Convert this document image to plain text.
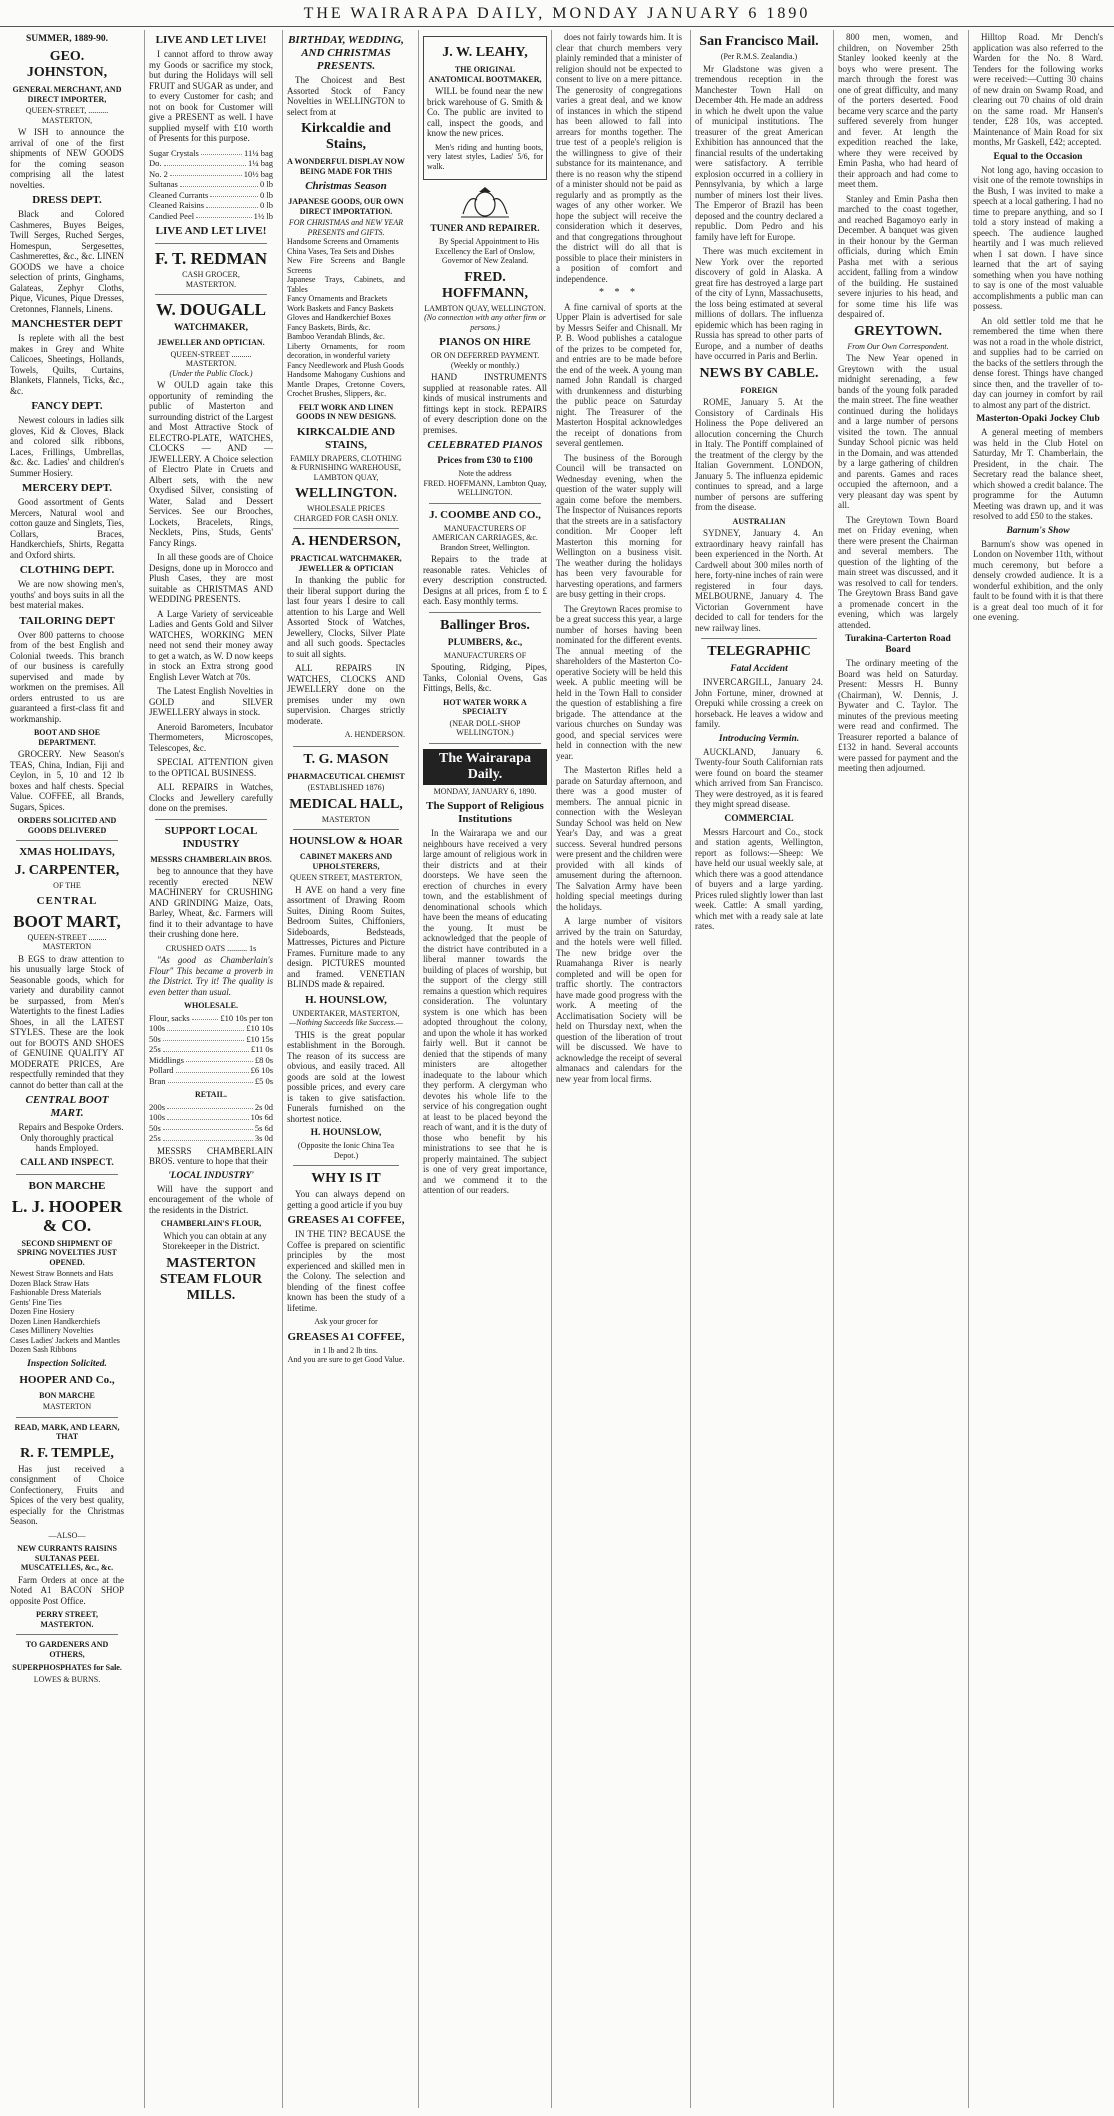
THE WAIRARAPA DAILY, MONDAY JANUARY 6 1890
SUMMER, 1889-90.
GEO. JOHNSTON,
GENERAL MERCHANT, AND DIRECT IMPORTER,
QUEEN-STREET, .......... MASTERTON,
W ISH to announce the arrival of one of the first shipments of NEW GOODS for the coming season comprising all the latest novelties.
DRESS DEPT.
Black and Colored Cashmeres, Buyes Beiges, Twill Serges, Ruched Serges, Homespun, Sergesettes, Cashmerettes, &c., &c. LINEN GOODS we have a choice selection of prints, Ginghams, Galateas, Zephyr Cloths, Pique, Vicunes, Pique Dresses, Cretonnes, Flannels, Linens.
MANCHESTER DEPT
Is replete with all the best makes in Grey and White Calicoes, Sheetings, Hollands, Towels, Quilts, Curtains, Blankets, Flannels, Ticks, &c., &c.
FANCY DEPT.
Newest colours in ladies silk gloves, Kid & Cloves, Black and colored silk ribbons, Laces, Frillings, Umbrellas, &c. &c. Ladies' and children's Summer Hosiery.
MERCERY DEPT.
Good assortment of Gents Mercers, Natural wool and cotton gauze and Singlets, Ties, Collars, Braces, Handkerchiefs, Shirts, Regatta and Oxford shirts.
CLOTHING DEPT.
We are now showing men's, youths' and boys suits in all the best material makes.
TAILORING DEPT
Over 800 patterns to choose from of the best English and Colonial tweeds. This branch of our business is carefully supervised and made by workmen on the premises. All orders entrusted to us are guaranteed a first-class fit and workmanship.
BOOT AND SHOE DEPARTMENT.
GROCERY. New Season's TEAS, China, Indian, Fiji and Ceylon, in 5, 10 and 12 lb boxes and half chests. Special Value. COFFEE, all Brands, Sugars, Spices.
ORDERS SOLICITED AND GOODS DELIVERED
XMAS HOLIDAYS,
J. CARPENTER,
OF THE
CENTRAL
BOOT MART,
QUEEN-STREET ......... MASTERTON
B EGS to draw attention to his unusually large Stock of Seasonable goods, which for variety and durability cannot be surpassed, from Men's Watertights to the finest Ladies Shoes, in all the LATEST STYLES. These are the look out for BOOTS AND SHOES of GENUINE QUALITY AT MODERATE PRICES, Are respectfully reminded that they cannot do better than call at the
CENTRAL BOOT MART.
Repairs and Bespoke Orders. Only thoroughly practical hands Employed.
CALL AND INSPECT.
BON MARCHE
L. J. HOOPER & CO.
SECOND SHIPMENT OF SPRING NOVELTIES JUST OPENED.
Newest Straw Bonnets and Hats
Dozen Black Straw Hats
Fashionable Dress Materials
Gents' Fine Ties
Dozen Fine Hosiery
Dozen Linen Handkerchiefs
Cases Millinery Novelties
Cases Ladies' Jackets and Mantles
Dozen Sash Ribbons
Inspection Solicited.
HOOPER AND Co.,
BON MARCHE
MASTERTON
READ, MARK, AND LEARN, THAT
R. F. TEMPLE,
Has just received a consignment of Choice Confectionery, Fruits and Spices of the very best quality, especially for the Christmas Season.
—ALSO—
NEW CURRANTS RAISINS SULTANAS PEEL MUSCATELLES, &c., &c.
Farm Orders at once at the Noted A1 BACON SHOP opposite Post Office.
PERRY STREET, MASTERTON.
TO GARDENERS AND OTHERS,
SUPERPHOSPHATES for Sale.
LOWES & BURNS.
LIVE AND LET LIVE!
I cannot afford to throw away my Goods or sacrifice my stock, but during the Holidays will sell FRUIT and SUGAR as under, and to every Customer for cash; and not on book for Customer will give a PRESENT as well. I have supplied myself with £10 worth of Presents for this purpose.
Sugar Crystals	11¼ bag
Do.	1¼ bag
No. 2	10½ bag
Sultanas	0 lb
Cleaned Currants	0 lb
Cleaned Raisins	0 lb
Candied Peel	1½ lb
LIVE AND LET LIVE!
F. T. REDMAN
CASH GROCER,
MASTERTON.
W. DOUGALL
WATCHMAKER,
JEWELLER AND OPTICIAN.
QUEEN-STREET .......... MASTERTON.
(Under the Public Clock.)
W OULD again take this opportunity of reminding the public of Masterton and surrounding district of the Largest and Most Attractive Stock of ELECTRO-PLATE, WATCHES, CLOCKS — AND — JEWELLERY. A Choice selection of Electro Plate in Cruets and Albert sets, with the new Oxydised Silver, consisting of Water, Salad and Dessert Services. See our Brooches, Lockets, Bracelets, Rings, Necklets, Pins, Studs, Gents' Fancy Rings.
In all these goods are of Choice Designs, done up in Morocco and Plush Cases, they are most suitable as CHRISTMAS AND WEDDING PRESENTS.
A Large Variety of serviceable Ladies and Gents Gold and Silver WATCHES, WORKING MEN need not send their money away to get a watch, as W. D now keeps in stock an Extra strong good English Lever Watch at 70s.
The Latest English Novelties in GOLD and SILVER JEWELLERY always in stock.
Aneroid Barometers, Incubator Thermometers, Microscopes, Telescopes, &c.
SPECIAL ATTENTION given to the OPTICAL BUSINESS.
ALL REPAIRS in Watches, Clocks and Jewellery carefully done on the premises.
SUPPORT LOCAL INDUSTRY
MESSRS CHAMBERLAIN BROS.
beg to announce that they have recently erected NEW MACHINERY for CRUSHING AND GRINDING Maize, Oats, Barley, Wheat, &c. Farmers will find it to their advantage to have their crushing done here.
CRUSHED OATS .......... 1s
"As good as Chamberlain's Flour" This became a proverb in the District. Try it! The quality is even better than usual.
WHOLESALE.
Flour, sacks	£10 10s per ton
100s	£10 10s
50s	£10 15s
25s	£11 0s
Middlings	£8 0s
Pollard	£6 10s
Bran	£5 0s
RETAIL.
200s	2s 0d
100s	10s 6d
50s	5s 6d
25s	3s 0d
MESSRS CHAMBERLAIN BROS. venture to hope that their
'LOCAL INDUSTRY'
Will have the support and encouragement of the whole of the residents in the District.
CHAMBERLAIN'S FLOUR,
Which you can obtain at any Storekeeper in the District.
MASTERTON STEAM FLOUR MILLS.
BIRTHDAY, WEDDING, AND CHRISTMAS PRESENTS.
The Choicest and Best Assorted Stock of Fancy Novelties in WELLINGTON to select from at
Kirkcaldie and Stains,
A WONDERFUL DISPLAY NOW BEING MADE FOR THIS
Christmas Season
JAPANESE GOODS, OUR OWN DIRECT IMPORTATION.
FOR CHRISTMAS and NEW YEAR PRESENTS and GIFTS.
Handsome Screens and Ornaments
China Vases, Tea Sets and Dishes
New Fire Screens and Bangle Screens
Japanese Trays, Cabinets, and Tables
Fancy Ornaments and Brackets
Work Baskets and Fancy Baskets
Gloves and Handkerchief Boxes
Fancy Baskets, Birds, &c.
Bamboo Verandah Blinds, &c.
Liberty Ornaments, for room decoration, in wonderful variety
Fancy Needlework and Plush Goods
Handsome Mahogany Cushions and Mantle Drapes, Cretonne Covers, Crochet Brushes, Slippers, &c.
FELT WORK AND LINEN GOODS IN NEW DESIGNS.
KIRKCALDIE AND STAINS,
FAMILY DRAPERS, CLOTHING & FURNISHING WAREHOUSE,
LAMBTON QUAY,
WELLINGTON.
WHOLESALE PRICES CHARGED FOR CASH ONLY.
A. HENDERSON,
PRACTICAL WATCHMAKER, JEWELLER & OPTICIAN
In thanking the public for their liberal support during the last four years I desire to call attention to his Large and Well Assorted Stock of Watches, Jewellery, Clocks, Silver Plate and all such goods. Spectacles to suit all sights.
ALL REPAIRS IN WATCHES, CLOCKS AND JEWELLERY done on the premises under my own supervision. Charges strictly moderate.
A. HENDERSON.
T. G. MASON
PHARMACEUTICAL CHEMIST
(ESTABLISHED 1876)
MEDICAL HALL,
MASTERTON
HOUNSLOW & HOAR
CABINET MAKERS AND UPHOLSTERERS,
QUEEN STREET, MASTERTON,
H AVE on hand a very fine assortment of Drawing Room Suites, Dining Room Suites, Bedroom Suites, Chiffoniers, Sideboards, Bedsteads, Mattresses, Pictures and Picture Frames. Furniture made to any design. PICTURES mounted and framed. VENETIAN BLINDS made & repaired.
H. HOUNSLOW,
UNDERTAKER, MASTERTON,
—Nothing Succeeds like Success.—
THIS is the great popular establishment in the Borough. The reason of its success are obvious, and easily traced. All goods are sold at the lowest possible prices, and every care is taken to give satisfaction. Funerals furnished on the shortest notice.
H. HOUNSLOW,
(Opposite the Ionic China Tea Depot.)
WHY IS IT
You can always depend on getting a good article if you buy
GREASES A1 COFFEE,
IN THE TIN? BECAUSE the Coffee is prepared on scientific principles by the most experienced and skilled men in the Colony. The selection and blending of the finest coffee known has been the study of a lifetime.
Ask your grocer for
GREASES A1 COFFEE,
in 1 lb and 2 lb tins.
And you are sure to get Good Value.
J. W. LEAHY,
THE ORIGINAL ANATOMICAL BOOTMAKER,
WILL be found near the new brick warehouse of G. Smith & Co. The public are invited to call, inspect the goods, and know the new prices.
Men's riding and hunting boots, very latest styles, Ladies' 5/6, for walk.
TUNER AND REPAIRER.
By Special Appointment to His Excellency the Earl of Onslow, Governor of New Zealand.
FRED. HOFFMANN,
LAMBTON QUAY, WELLINGTON.
(No connection with any other firm or persons.)
PIANOS ON HIRE
OR ON DEFERRED PAYMENT. (Weekly or monthly.)
HAND INSTRUMENTS supplied at reasonable rates. All kinds of musical instruments and fittings kept in stock. REPAIRS of every description done on the premises.
CELEBRATED PIANOS
Prices from £30 to £100
Note the address
FRED. HOFFMANN, Lambton Quay, WELLINGTON.
J. COOMBE AND CO.,
MANUFACTURERS OF AMERICAN CARRIAGES, &c.
Brandon Street, Wellington.
Repairs to the trade at reasonable rates. Vehicles of every description constructed. Designs at all prices, from £ to £ each. Easy monthly terms.
Ballinger Bros.
PLUMBERS, &c.,
MANUFACTURERS OF
Spouting, Ridging, Pipes, Tanks, Colonial Ovens, Gas Fittings, Bells, &c.
HOT WATER WORK A SPECIALTY
(NEAR DOLL-SHOP WELLINGTON.)
The Wairarapa Daily.
MONDAY, JANUARY 6, 1890.
The Support of Religious Institutions
In the Wairarapa we and our neighbours have received a very large amount of religious work in their districts and at their doorsteps. We have seen the erection of churches in every town, and the establishment of denominational schools which have been the means of educating the young. It must be acknowledged that the people of the district have contributed in a liberal manner towards the building of places of worship, but the support of the clergy still remains a question which requires consideration. The voluntary system is one which has been adopted throughout the colony, and upon the whole it has worked fairly well. But it cannot be denied that the stipends of many ministers are altogether inadequate to the labour which they perform. A clergyman who devotes his whole life to the service of his congregation ought at least to be placed beyond the reach of want, and it is the duty of those who benefit by his ministrations to see that he is properly maintained. The subject is one of very great importance, and we commend it to the attention of our readers.
does not fairly towards him. It is clear that church members very plainly reminded that a minister of religion should not be expected to consent to live on a mere pittance. The generosity of congregations varies a great deal, and we know of instances in which the stipend has been allowed to fall into arrears for months together. The true test of a people's religion is the willingness to give of their substance for its maintenance, and there is no reason why the stipend of a minister should not be paid as regularly and as promptly as the wages of any other worker. We hope the subject will receive the consideration which it deserves, and that congregations throughout the district will do all that is possible to place their ministers in a position of comfort and independence.
* * *
A fine carnival of sports at the Upper Plain is advertised for sale by Messrs Seifer and Chisnall. Mr P. B. Wood publishes a catalogue of the prizes to be competed for, and entries are to be made before the end of the week. A young man named John Randall is charged with drunkenness and disturbing the public peace on Saturday night. The Treasurer of the Masterton Hospital acknowledges the receipt of donations from several gentlemen.
The business of the Borough Council will be transacted on Wednesday evening, when the question of the water supply will again come before the members. The Inspector of Nuisances reports that the streets are in a satisfactory condition. Mr Cooper left Masterton this morning for Wellington on a business visit. The weather during the holidays has been very favourable for harvesting operations, and farmers are busy getting in their crops.
The Greytown Races promise to be a great success this year, a large number of horses having been nominated for the different events. The annual meeting of the shareholders of the Masterton Co-operative Society will be held this week. A public meeting will be held in the Town Hall to consider the question of establishing a fire brigade. The attendance at the various churches on Sunday was good, and special services were held in connection with the new year.
The Masterton Rifles held a parade on Saturday afternoon, and there was a good muster of members. The annual picnic in connection with the Wesleyan Sunday School was held on New Year's Day, and was a great success. Several hundred persons were present and the children were provided with all kinds of amusement during the afternoon. The Salvation Army have been holding special meetings during the holidays.
A large number of visitors arrived by the train on Saturday, and the hotels were well filled. The new bridge over the Ruamahanga River is nearly completed and will be open for traffic shortly. The contractors have made good progress with the work. A meeting of the Acclimatisation Society will be held on Thursday next, when the question of the liberation of trout will be discussed. We have to acknowledge the receipt of several almanacs and calendars for the new year from local firms.
San Francisco Mail.
(Per R.M.S. Zealandia.)
Mr Gladstone was given a tremendous reception in the Manchester Town Hall on December 4th. He made an address in which he dwelt upon the value of municipal institutions. The treasurer of the great American Exhibition has announced that the financial results of the undertaking were satisfactory. A terrible explosion occurred in a colliery in Pennsylvania, by which a large number of miners lost their lives. The Emperor of Brazil has been deposed and the country declared a republic. Dom Pedro and his family have left for Europe.
There was much excitement in New York over the reported discovery of gold in Alaska. A great fire has destroyed a large part of the city of Lynn, Massachusetts, the loss being estimated at several millions of dollars. The influenza epidemic which has been raging in Russia has spread to other parts of Europe, and a number of deaths have occurred in Paris and Berlin.
NEWS BY CABLE.
FOREIGN
ROME, January 5. At the Consistory of Cardinals His Holiness the Pope delivered an allocution concerning the Church in Italy. The Pontiff complained of the treatment of the clergy by the Italian Government. LONDON, January 5. The influenza epidemic continues to spread, and a large number of persons are suffering from the disease.
AUSTRALIAN
SYDNEY, January 4. An extraordinary heavy rainfall has been experienced in the North. At Cardwell about 300 miles north of here, forty-nine inches of rain were registered in four days. MELBOURNE, January 4. The Victorian Government have decided to call for tenders for the new railway lines.
TELEGRAPHIC
Fatal Accident
INVERCARGILL, January 24. John Fortune, miner, drowned at Orepuki while crossing a creek on horseback. He leaves a widow and family.
Introducing Vermin.
AUCKLAND, January 6. Twenty-four South Californian rats were found on board the steamer which arrived from San Francisco. They were destroyed, as it is feared they might spread disease.
COMMERCIAL
Messrs Harcourt and Co., stock and station agents, Wellington, report as follows:—Sheep: We have held our usual weekly sale, at which there was a good attendance of buyers and a large yarding. Prices ruled slightly lower than last week. Cattle: A small yarding, which met with a ready sale at late rates.
800 men, women, and children, on November 25th Stanley looked keenly at the boys who were present. The march through the forest was one of great difficulty, and many of the porters deserted. Food became very scarce and the party suffered severely from hunger and fever. At length the expedition reached the lake, where they were received by Emin Pasha, who had heard of their approach and had come to meet them.
Stanley and Emin Pasha then marched to the coast together, and reached Bagamoyo early in December. A banquet was given in their honour by the German officials, during which Emin Pasha met with a serious accident, falling from a window of the building. He sustained severe injuries to his head, and for some time his life was despaired of.
GREYTOWN.
From Our Own Correspondent.
The New Year opened in Greytown with the usual midnight serenading, a few bands of the young folk paraded the main street. The fine weather continued during the holidays and a large number of persons visited the town. The annual Sunday School picnic was held in the Domain, and was attended by a large gathering of children and parents. Games and races occupied the afternoon, and a very pleasant day was spent by all.
The Greytown Town Board met on Friday evening, when there were present the Chairman and several members. The question of the lighting of the main street was discussed, and it was resolved to call for tenders. The Greytown Brass Band gave a promenade concert in the evening, which was largely attended.
Turakina-Carterton Road Board
The ordinary meeting of the Board was held on Saturday. Present: Messrs H. Bunny (Chairman), W. Dennis, J. Bywater and C. Taylor. The minutes of the previous meeting were read and confirmed. The Treasurer reported a balance of £132 in hand. Several accounts were passed for payment and the meeting then adjourned.
Hilltop Road. Mr Dench's application was also referred to the Warden for the No. 8 Ward. Tenders for the following works were received:—Cutting 30 chains of new drain on Swamp Road, and clearing out 70 chains of old drain on the same road. Mr Hansen's tender, £28 10s, was accepted. Maintenance of Main Road for six months, Mr Gaskell, £42; accepted.
Equal to the Occasion
Not long ago, having occasion to visit one of the remote townships in the Bush, I was invited to make a speech at a local gathering. I had no time to prepare anything, and so I told a story instead of making a speech. The audience laughed heartily and I was much relieved when I sat down. I have since learned that the art of saying something when you have nothing to say is one of the most valuable accomplishments a public man can possess.
An old settler told me that he remembered the time when there was not a road in the whole district, and supplies had to be carried on the backs of the settlers through the dense forest. Things have changed since then, and the traveller of to-day can journey in comfort by rail to almost any part of the district.
Masterton-Opaki Jockey Club
A general meeting of members was held in the Club Hotel on Saturday, Mr T. Chamberlain, the President, in the chair. The Secretary read the balance sheet, which showed a credit balance. The programme for the Autumn Meeting was drawn up, and it was resolved to add £50 to the stakes.
Barnum's Show
Barnum's show was opened in London on November 11th, without much ceremony, but before a densely crowded audience. It is a wonderful exhibition, and the only fault to be found with it is that there is a great deal too much of it for one evening.
